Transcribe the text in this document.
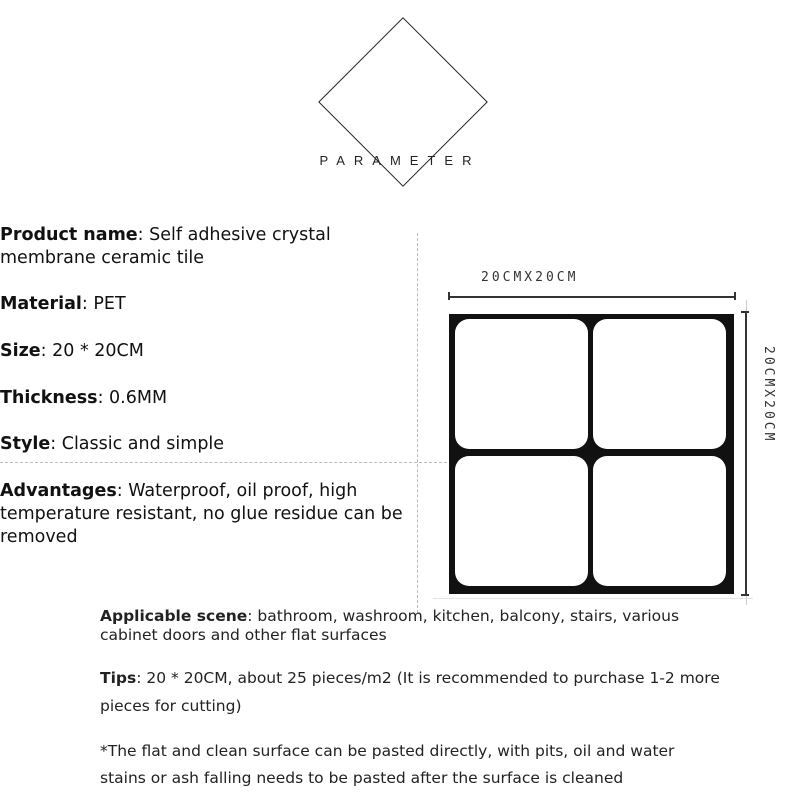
PARAMETER
Product name: Self adhesive crystal membrane ceramic tile
Material: PET
Size: 20 * 20CM
Thickness: 0.6MM
Style: Classic and simple
Advantages: Waterproof, oil proof, high temperature resistant, no glue residue can be removed
20CMX20CM
20CMX20CM
Applicable scene: bathroom, washroom, kitchen, balcony, stairs, various cabinet doors and other flat surfaces
Tips: 20 * 20CM, about 25 pieces/m2 (It is recommended to purchase 1-2 more pieces for cutting)
*The flat and clean surface can be pasted directly, with pits, oil and water stains or ash falling needs to be pasted after the surface is cleaned
